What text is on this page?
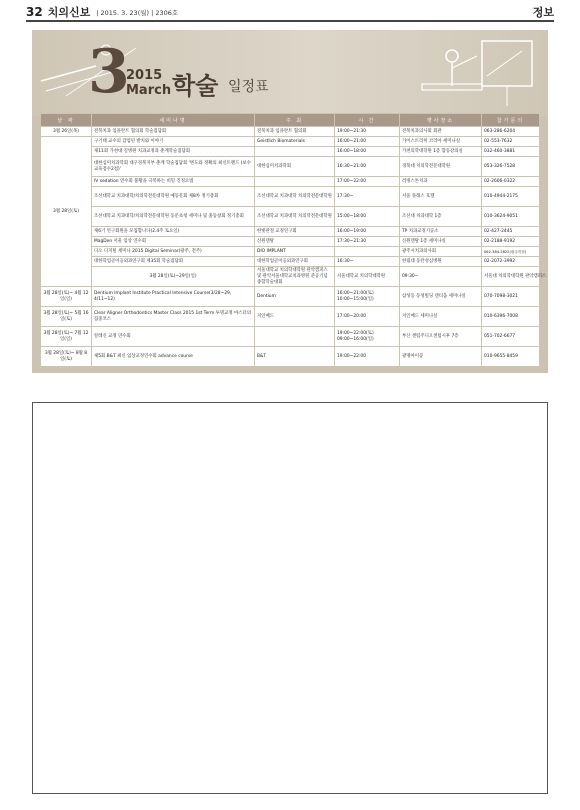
32 치의신보 | 2015. 3. 23(월) | 2306호	정보
3
2015
March 학술 일정표
날 짜	세미나명	주 최	시 간	행사장소	참가문의	
3월 26일(목)	전북치과 임플란트 협의회 학술집담회	전북치과 임플란트 협의회	19:00~21:30	전북치과의사회 회관	063-286-6204	
3월 28일(토)	구기태 교수의 감염된 발치와 이야기	Geistlich Biomaterials	16:00~21:00	가이스트리히 코리아 세미나실	02-553-7632	
	제11회 가천대 길병원 치과교정과 춘계학술집담회		16:00~18:00	가천의학대학원 1층 합동강의실	032-460-3881	
	대한심미치과학회 대구경북지부 춘계 학술집담회 '변도와 정확의 최신트렌드 (보수교육점수2점)'	대한심미치과학회	16:30~21:00	경북대 치의학전문대학원	053-326-7528	
	IV sedation 연수회 불황을 극복하는 비밀 진정요법		17:00~22:00	러빙스톤치과	02-2606-0322	
	조선대학교 치과대학/치의학전문대학원 예동문회 제8차 정기총회	조선대학교 치과대학 치의학전문대학원	17:30~	서울 플래스 호텔	010-4944-2175	
	조선대학교 치과대학/치의학전문대학원 동문초청 세미나 및 홈동창회 정기총회	조선대학교 치과대학 치의학전문대학원	15:00~18:00	조선대 치과대학 1층	010-3624-9051	
	제6기 연구회원을 모집합니다(2.4주 토요일)	한빛관절 교정연구회	16:00~19:00	TP 치과교정기공소	02-427-2445	
	MagDen 서울 임상 연수회	신원덴탈	17:30~21:30	신원덴탈 1층 세미나실	02-2188-9192	
	디오 디지털 세미나 2015 Digital Seminar(광주, 전주)	DIO IMPLANT		광주시치과의사회	062-384-2822(광주지점)	
	대한학업골이응외과연구회 제35회 학술집담회	대한학업골이응외과연구회	16:30~	한림대 동탄성심병원	02-2072-3992	
	3월 28일(토)~29일(일)	서울대학교 치의학대학원 관악캠퍼스 및 관악서울대학교치과병원 준공기념 종합학술대회	서울대학교 치의학대학원	09:30~	서울대 치의학대학원 관악캠퍼스	
3월 28일(토)~ 4월 12일(일)	Dentium Implant Institute Practical Intensive Course(3/28~29, 4/11~12)	Dentium	16:00~21:00(토) 10:00~15:00(일)	삼성동 동성빌딩 덴티움 세미나실	070-7098-3021	
3월 28일(토)~ 5월 16일(토)	Clear Aligner Orthodontics Master Class 2015 1st Term 투명교정 마스터의 집중코스	지인메드	17:00~20:00	지인메드 세미나실	010-6396-7008	
3월 28일(토)~ 7월 12일(일)	알레신 교정 연수회		19:00~22:00(토) 09:00~16:00(일)	부산 센텀주디오센텀시후 7층	051-702-6677	
3월 28일(토)~ 8월 8일(토)	제5회 B&T 최신 임상교정연수회 advance course	B&T	19:00~22:00	광명아이콩	010-9655-8459	
